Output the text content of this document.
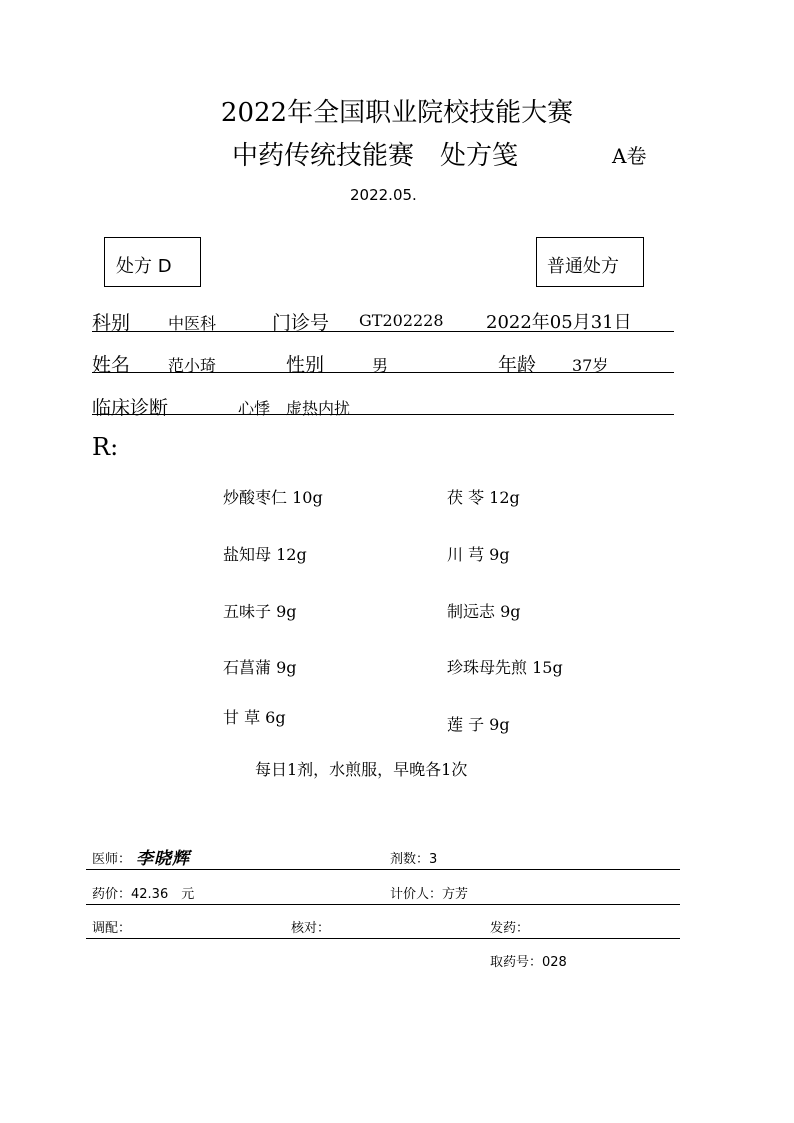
2022年全国职业院校技能大赛
中药传统技能赛　处方笺	A卷
2022.05.
处方 D	普通处方
科别 中医科	门诊号 GT202228 2022年05月31日
姓名 范小琦	性别	男	年龄 37岁
临床诊断	心悸　虚热内扰
R:
炒酸枣仁 10g	茯 苓 12g
盐知母 12g	川 芎 9g
五味子 9g	制远志 9g
石菖蒲 9g	珍珠母先煎 15g
甘 草 6g	莲 子 9g
每日1剂，水煎服，早晚各1次
医师： 李晓辉	剂数：3
药价：42.36　元	计价人：方芳
调配：	核对：	发药：
取药号：028
